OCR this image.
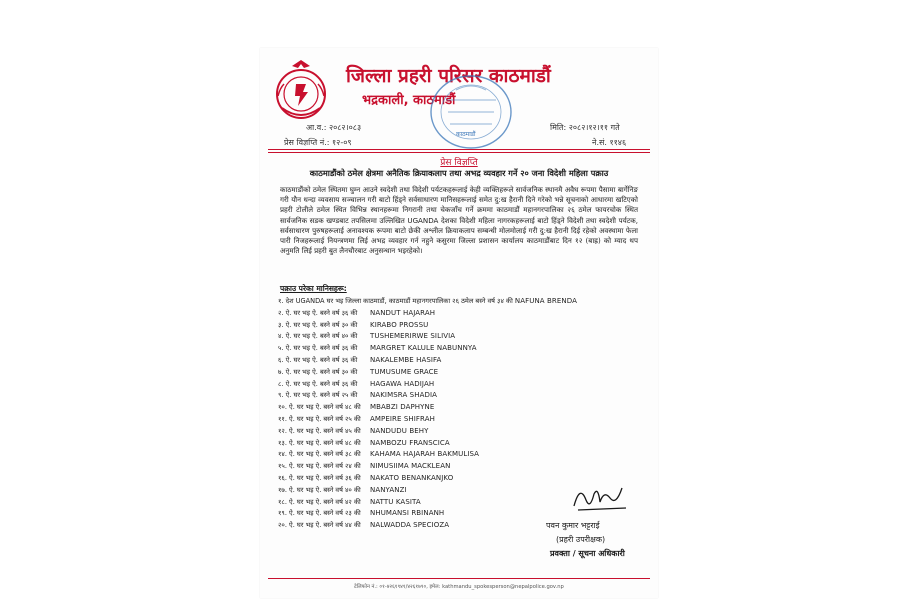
जिल्ला प्रहरी परिसर काठमाडौं
भद्रकाली, काठमाडौं
काठमाडौं
आ.व.: २०८२।०८३
प्रेस विज्ञप्ति नं.: १२-०९
मिति: २०८२।१२।११ गते
ने.सं. ११४६
प्रेस विज्ञप्ति
काठमाडौंको ठमेल क्षेत्रमा अनैतिक क्रियाकलाप तथा अभद्र व्यवहार गर्ने २० जना विदेशी महिला पक्राउ
काठमाडौंको ठमेल स्थितमा घुम्न आउने स्वदेशी तथा विदेशी पर्यटकहरूलाई केही व्यक्तिहरूले सार्वजनिक स्थानमै अवैध रूपमा पैसामा बार्गेनिङ गरी यौन धन्दा व्यवसाय सञ्चालन गरी बाटो हिंड्ने सर्वसाधारण मानिसहरूलाई समेत दु:ख हैरानी दिने गरेको भन्ने सूचनाको आधारमा खटिएको प्रहरी टोलीले ठमेल स्थित विभिन्न स्थानहरूमा निगरानी तथा चेकजाँच गर्ने क्रममा काठमाडौं महानगरपालिका २६ ठमेल फायरचोक स्थित सार्वजनिक सडक खण्डबाट तपसिलमा उल्लिखित UGANDA देशका विदेशी महिला नागरकहरूलाई बाटो हिंड्ने विदेशी तथा स्वदेशी पर्यटक, सर्वसाधारण पुरुषहरूलाई अनावश्यक रूपमा बाटो छेकी अश्लील क्रियाकलाप सम्बन्धी मोलमोलाई गरी दु:ख हैरानी दिई रहेको अवस्थामा फेला पारी निजहरूलाई नियन्त्रणमा लिई अभद्र व्यवहार गर्न नहुने कसुरमा जिल्ला प्रशासन कार्यालय काठमाडौंबाट दिन १२ (बाह्र) को म्याद थप अनुमति लिई प्रहरी बुत लैनचौरबाट अनुसन्धान भइरहेको।
पक्राउ परेका मानिसहरू:
१. देश UGANDA घर भइ जिल्ला काठमाडौं, काठमाडौं महानगरपालिका २६ ठमेल बस्ने वर्ष ३४ की NAFUNA BRENDA
२. ऐ. घर भइ ऐ. बस्ने वर्ष ३६ की NANDUT HAJARAH
३. ऐ. घर भइ ऐ. बस्ने वर्ष ३० की KIRABO PROSSU
४. ऐ. घर भइ ऐ. बस्ने वर्ष ४० की TUSHEMERIRWE SILIVIA
५. ऐ. घर भइ ऐ. बस्ने वर्ष ३६ की MARGRET KALULE NABUNNYA
६. ऐ. घर भइ ऐ. बस्ने वर्ष ३६ की NAKALEMBE HASIFA
७. ऐ. घर भइ ऐ. बस्ने वर्ष ३० की TUMUSUME GRACE
८. ऐ. घर भइ ऐ. बस्ने वर्ष ३६ की HAGAWA HADIJAH
९. ऐ. घर भइ ऐ. बस्ने वर्ष २५ की NAKIMSRA SHADIA
१०. ऐ. घर भइ ऐ. बस्ने वर्ष ४८ की MBABZI DAPHYNE
११. ऐ. घर भइ ऐ. बस्ने वर्ष २५ की AMPEIRE SHIFRAH
१२. ऐ. घर भइ ऐ. बस्ने वर्ष ४५ की NANDUDU BEHY
१३. ऐ. घर भइ ऐ. बस्ने वर्ष ४८ की NAMBOZU FRANSCICA
१४. ऐ. घर भइ ऐ. बस्ने वर्ष ३८ की KAHAMA HAJARAH BAKMULISA
१५. ऐ. घर भइ ऐ. बस्ने वर्ष २४ की NIMUSIIMA MACKLEAN
१६. ऐ. घर भइ ऐ. बस्ने वर्ष ३६ की NAKATO BENANKANJKO
१७. ऐ. घर भइ ऐ. बस्ने वर्ष ४० की NANYANZI
१८. ऐ. घर भइ ऐ. बस्ने वर्ष ४२ की NATTU KASITA
१९. ऐ. घर भइ ऐ. बस्ने वर्ष २३ की NHUMANSI RBINANH
२०. ऐ. घर भइ ऐ. बस्ने वर्ष ४४ की NALWADDA SPECIOZA	पवन कुमार भट्टराई
(प्रहरी उपरीक्षक)
प्रवक्ता / सूचना अधिकारी
टेलिफोन नं.: ०१-४२६१९४१/४२६१७९०, इमेल: kathmandu_spokesperson@nepalpolice.gov.np
